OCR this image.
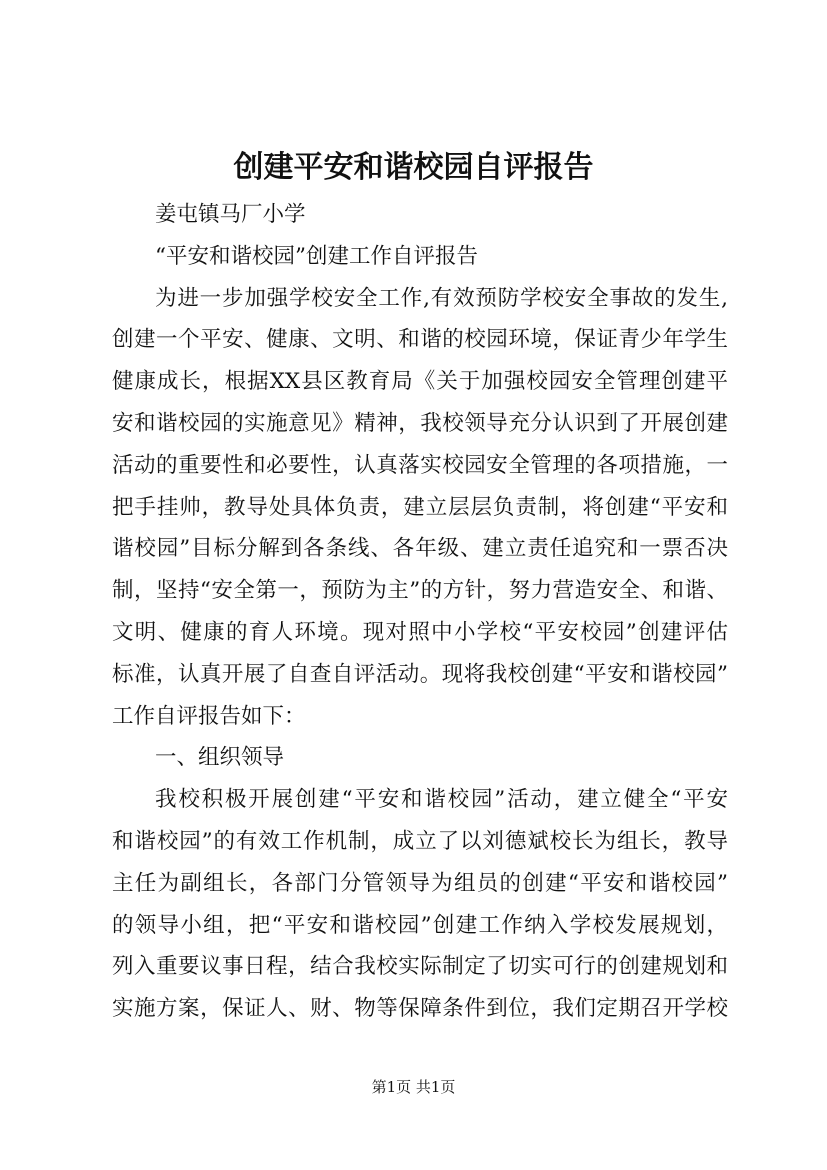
创建平安和谐校园自评报告
姜屯镇马厂小学
“平安和谐校园”创建工作自评报告
为进一步加强学校安全工作,有效预防学校安全事故的发生,
创建一个平安、健康、文明、和谐的校园环境，保证青少年学生
健康成长，根据XX县区教育局《关于加强校园安全管理创建平
安和谐校园的实施意见》精神，我校领导充分认识到了开展创建
活动的重要性和必要性，认真落实校园安全管理的各项措施，一
把手挂帅，教导处具体负责，建立层层负责制，将创建“平安和
谐校园”目标分解到各条线、各年级、建立责任追究和一票否决
制，坚持“安全第一，预防为主”的方针，努力营造安全、和谐、
文明、健康的育人环境。现对照中小学校“平安校园”创建评估
标准，认真开展了自查自评活动。现将我校创建“平安和谐校园”
工作自评报告如下：
一、组织领导
我校积极开展创建“平安和谐校园”活动，建立健全“平安
和谐校园”的有效工作机制，成立了以刘德斌校长为组长，教导
主任为副组长，各部门分管领导为组员的创建“平安和谐校园”
的领导小组，把“平安和谐校园”创建工作纳入学校发展规划，
列入重要议事日程，结合我校实际制定了切实可行的创建规划和
实施方案，保证人、财、物等保障条件到位，我们定期召开学校
第1页 共1页
